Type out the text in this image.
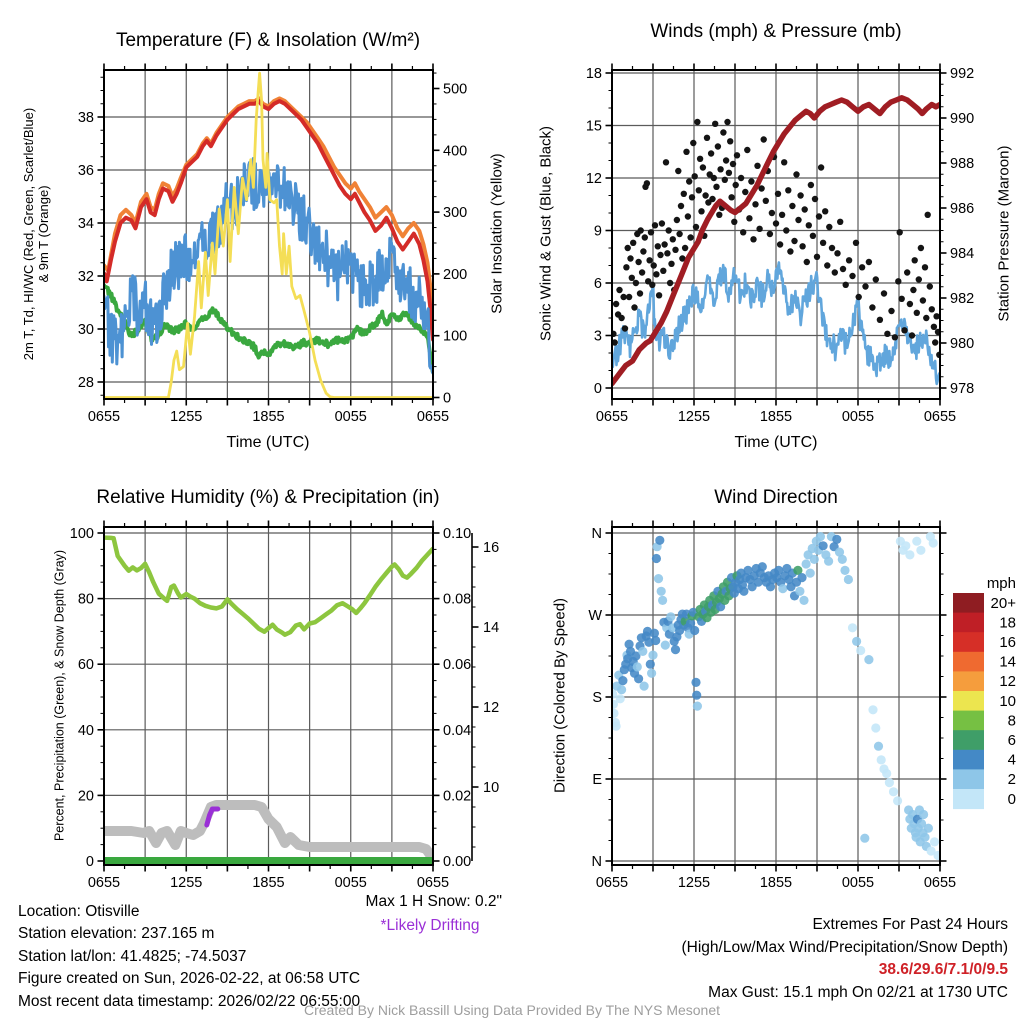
0655	1255	1855	0055	0655
28
30
32
34
36
38
0
100
200
300
400
500
0655	1255	1855	0055	0655
0
3
6
9
12
15
18
978
980
982
984
986
988
990
992
0655	1255	1855	0055	0655
0
20
40
60
80
100
0.00
0.02
0.04
0.06
0.08
0.10
10
12
14
16
0655	1255	1855	0055	0655
N
W
S
E
N
mph
20+
18
16
14
12
10
8
6
4
2
0
Temperature (F) & Insolation (W/m²)	Winds (mph) & Pressure (mb)
Relative Humidity (%) & Precipitation (in)	Wind Direction
2m T, Td, HI/WC (Red, Green, Scarlet/Blue) & 9m T (Orange)	Solar Insolation (Yellow) Sonic Wind & Gust (Blue, Black)	Station Pressure (Maroon)
Percent, Precipitation (Green), & Snow Depth (Gray)	Direction (Colored By Speed)
Time (UTC)	Time (UTC)
Location: Otisville
Station elevation: 237.165 m
Station lat/lon: 41.4825; -74.5037
Figure created on Sun, 2026-02-22, at 06:58 UTC
Most recent data timestamp: 2026/02/22 06:55:00
Max 1 H Snow: 0.2"
*Likely Drifting	Extremes For Past 24 Hours
(High/Low/Max Wind/Precipitation/Snow Depth)
38.6/29.6/7.1/0/9.5
Max Gust: 15.1 mph On 02/21 at 1730 UTC
Created By Nick Bassill Using Data Provided By The NYS Mesonet
